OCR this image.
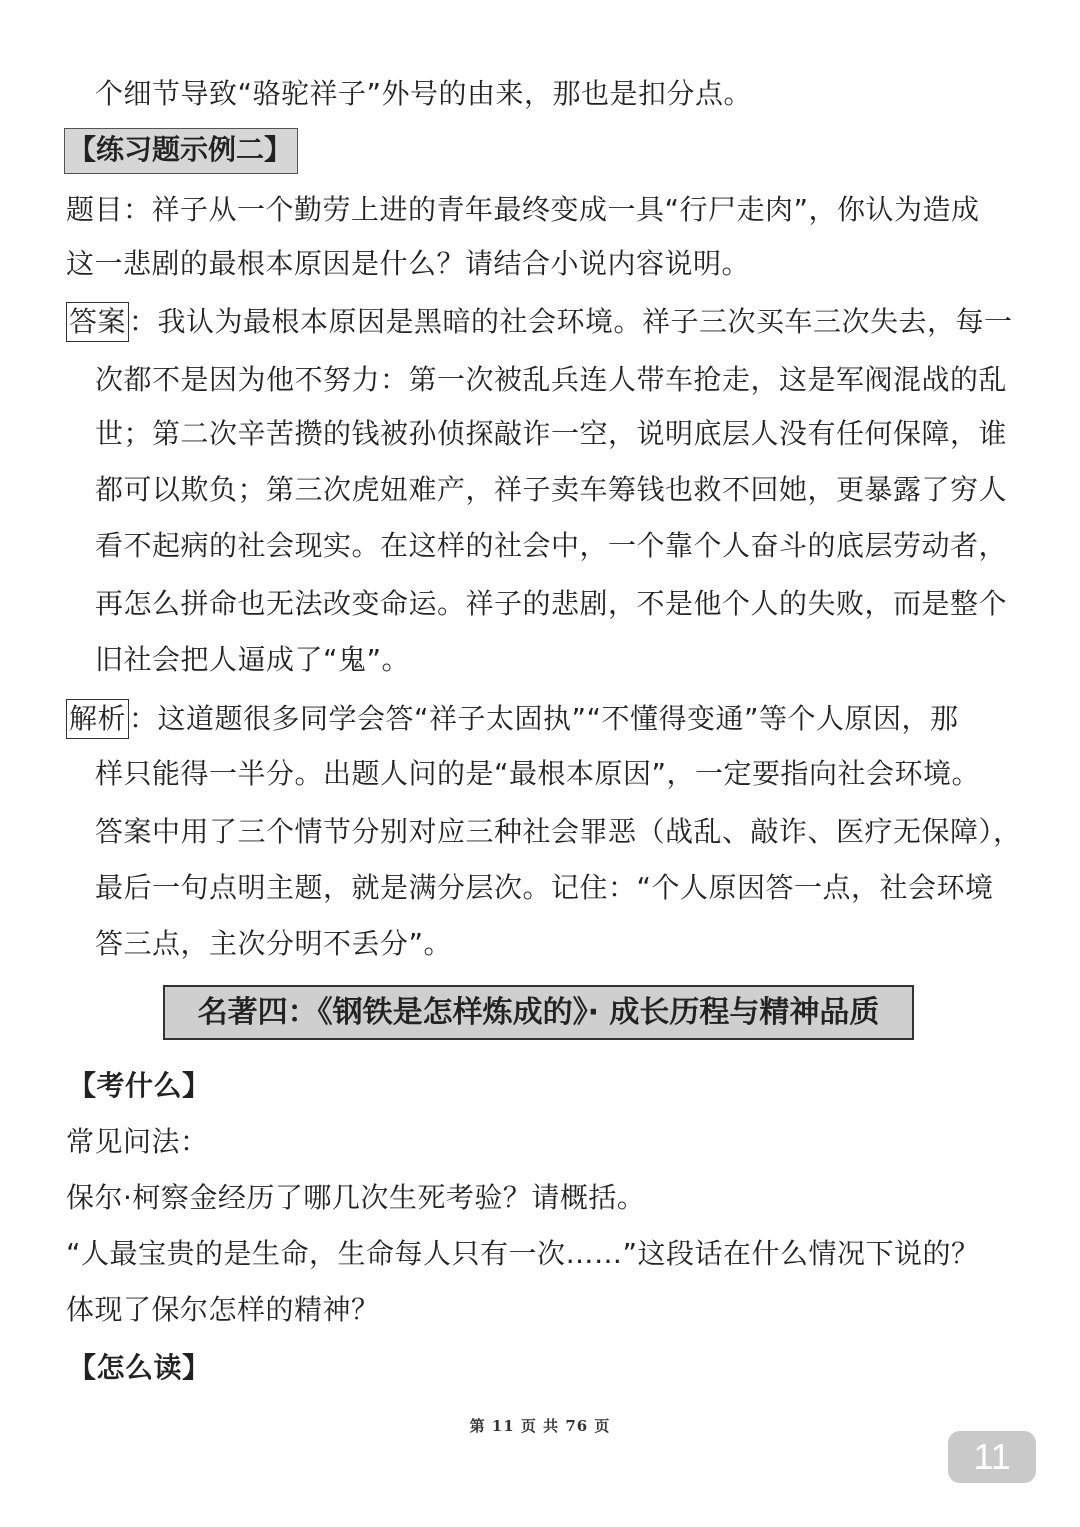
个细节导致“骆驼祥子”外号的由来，那也是扣分点。
【练习题示例二】
题目：祥子从一个勤劳上进的青年最终变成一具“行尸走肉”，你认为造成
这一悲剧的最根本原因是什么？请结合小说内容说明。
答案 ：我认为最根本原因是黑暗的社会环境。祥子三次买车三次失去，每一
次都不是因为他不努力：第一次被乱兵连人带车抢走，这是军阀混战的乱
世；第二次辛苦攒的钱被孙侦探敲诈一空，说明底层人没有任何保障，谁
都可以欺负；第三次虎妞难产，祥子卖车筹钱也救不回她，更暴露了穷人
看不起病的社会现实。在这样的社会中，一个靠个人奋斗的底层劳动者，
再怎么拼命也无法改变命运。祥子的悲剧，不是他个人的失败，而是整个
旧社会把人逼成了“鬼”。
解析 ：这道题很多同学会答“祥子太固执”“不懂得变通”等个人原因，那
样只能得一半分。出题人问的是“最根本原因”，一定要指向社会环境。
答案中用了三个情节分别对应三种社会罪恶（战乱、敲诈、医疗无保障），
最后一句点明主题，就是满分层次。记住：“个人原因答一点，社会环境
答三点，主次分明不丢分”。
名著四：《钢铁是怎样炼成的》· 成长历程与精神品质
【考什么】
常见问法：
保尔·柯察金经历了哪几次生死考验？请概括。
“人最宝贵的是生命，生命每人只有一次……”这段话在什么情况下说的？
体现了保尔怎样的精神？
【怎么读】
第 11 页 共 76 页
11
